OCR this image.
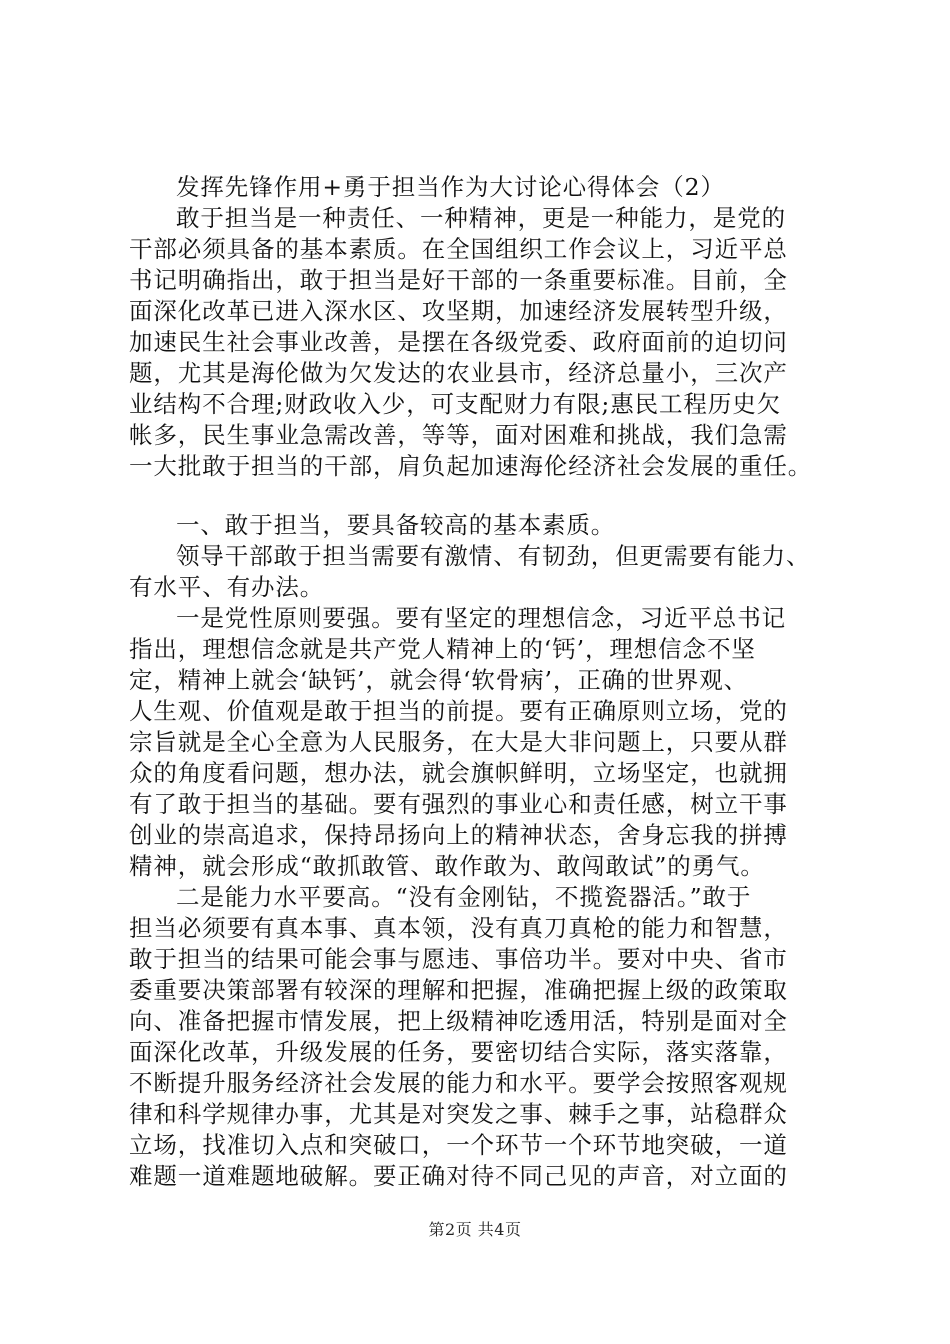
发挥先锋作用+勇于担当作为大讨论心得体会（2）
敢于担当是一种责任、一种精神，更是一种能力，是党的
干部必须具备的基本素质。在全国组织工作会议上，习近平总
书记明确指出，敢于担当是好干部的一条重要标准。目前，全
面深化改革已进入深水区、攻坚期，加速经济发展转型升级，
加速民生社会事业改善，是摆在各级党委、政府面前的迫切问
题，尤其是海伦做为欠发达的农业县市，经济总量小，三次产
业结构不合理;财政收入少，可支配财力有限;惠民工程历史欠
帐多，民生事业急需改善，等等，面对困难和挑战，我们急需
一大批敢于担当的干部，肩负起加速海伦经济社会发展的重任。
一、敢于担当，要具备较高的基本素质。
领导干部敢于担当需要有激情、有韧劲，但更需要有能力、
有水平、有办法。
一是党性原则要强。要有坚定的理想信念，习近平总书记
指出，理想信念就是共产党人精神上的‘钙’，理想信念不坚
定，精神上就会‘缺钙’，就会得‘软骨病’，正确的世界观、
人生观、价值观是敢于担当的前提。要有正确原则立场，党的
宗旨就是全心全意为人民服务，在大是大非问题上，只要从群
众的角度看问题，想办法，就会旗帜鲜明，立场坚定，也就拥
有了敢于担当的基础。要有强烈的事业心和责任感，树立干事
创业的崇高追求，保持昂扬向上的精神状态，舍身忘我的拼搏
精神，就会形成“敢抓敢管、敢作敢为、敢闯敢试”的勇气。
二是能力水平要高。“没有金刚钻，不揽瓷器活。”敢于
担当必须要有真本事、真本领，没有真刀真枪的能力和智慧，
敢于担当的结果可能会事与愿违、事倍功半。要对中央、省市
委重要决策部署有较深的理解和把握，准确把握上级的政策取
向、准备把握市情发展，把上级精神吃透用活，特别是面对全
面深化改革，升级发展的任务，要密切结合实际，落实落靠，
不断提升服务经济社会发展的能力和水平。要学会按照客观规
律和科学规律办事，尤其是对突发之事、棘手之事，站稳群众
立场，找准切入点和突破口，一个环节一个环节地突破，一道
第2页 共4页
难题一道难题地破解。要正确对待不同己见的声音，对立面的
